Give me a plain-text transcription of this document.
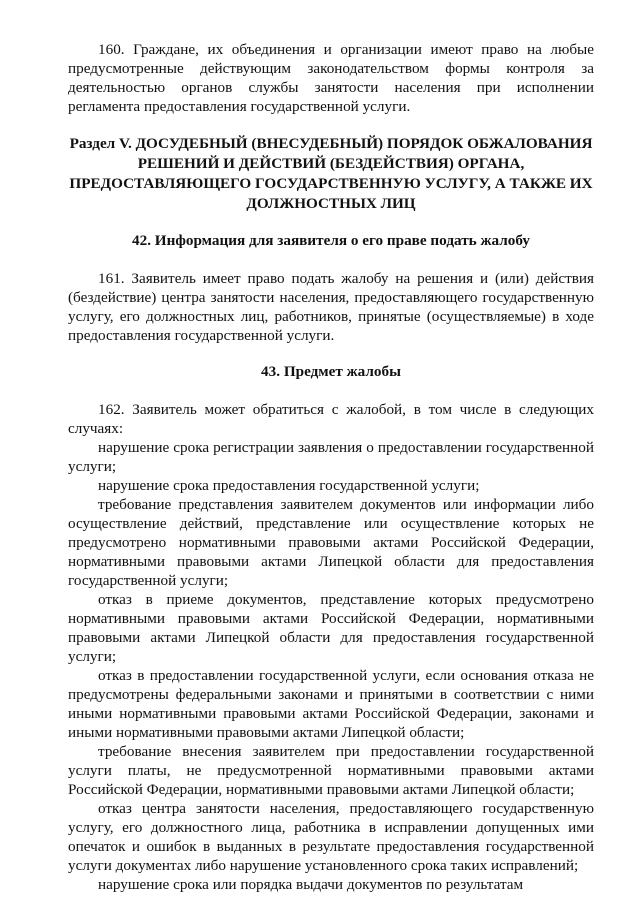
160. Граждане, их объединения и организации имеют право на любые предусмотренные действующим законодательством формы контроля за деятельностью органов службы занятости населения при исполнении регламента предоставления государственной услуги.

Раздел V. ДОСУДЕБНЫЙ (ВНЕСУДЕБНЫЙ) ПОРЯДОК ОБЖАЛОВАНИЯ РЕШЕНИЙ И ДЕЙСТВИЙ (БЕЗДЕЙСТВИЯ) ОРГАНА, ПРЕДОСТАВЛЯЮЩЕГО ГОСУДАРСТВЕННУЮ УСЛУГУ, А ТАКЖЕ ИХ ДОЛЖНОСТНЫХ ЛИЦ

42. Информация для заявителя о его праве подать жалобу

161. Заявитель имеет право подать жалобу на решения и (или) действия (бездействие) центра занятости населения, предоставляющего государственную услугу, его должностных лиц, работников, принятые (осуществляемые) в ходе предоставления государственной услуги.

43. Предмет жалобы

162. Заявитель может обратиться с жалобой, в том числе в следующих случаях:

нарушение срока регистрации заявления о предоставлении государственной услуги;

нарушение срока предоставления государственной услуги;

требование представления заявителем документов или информации либо осуществление действий, представление или осуществление которых не предусмотрено нормативными правовыми актами Российской Федерации, нормативными правовыми актами Липецкой области для предоставления государственной услуги;

отказ в приеме документов, представление которых предусмотрено нормативными правовыми актами Российской Федерации, нормативными правовыми актами Липецкой области для предоставления государственной услуги;

отказ в предоставлении государственной услуги, если основания отказа не предусмотрены федеральными законами и принятыми в соответствии с ними иными нормативными правовыми актами Российской Федерации, законами и иными нормативными правовыми актами Липецкой области;

требование внесения заявителем при предоставлении государственной услуги платы, не предусмотренной нормативными правовыми актами Российской Федерации, нормативными правовыми актами Липецкой области;

отказ центра занятости населения, предоставляющего государственную услугу, его должностного лица, работника в исправлении допущенных ими опечаток и ошибок в выданных в результате предоставления государственной услуги документах либо нарушение установленного срока таких исправлений;

нарушение срока или порядка выдачи документов по результатам
